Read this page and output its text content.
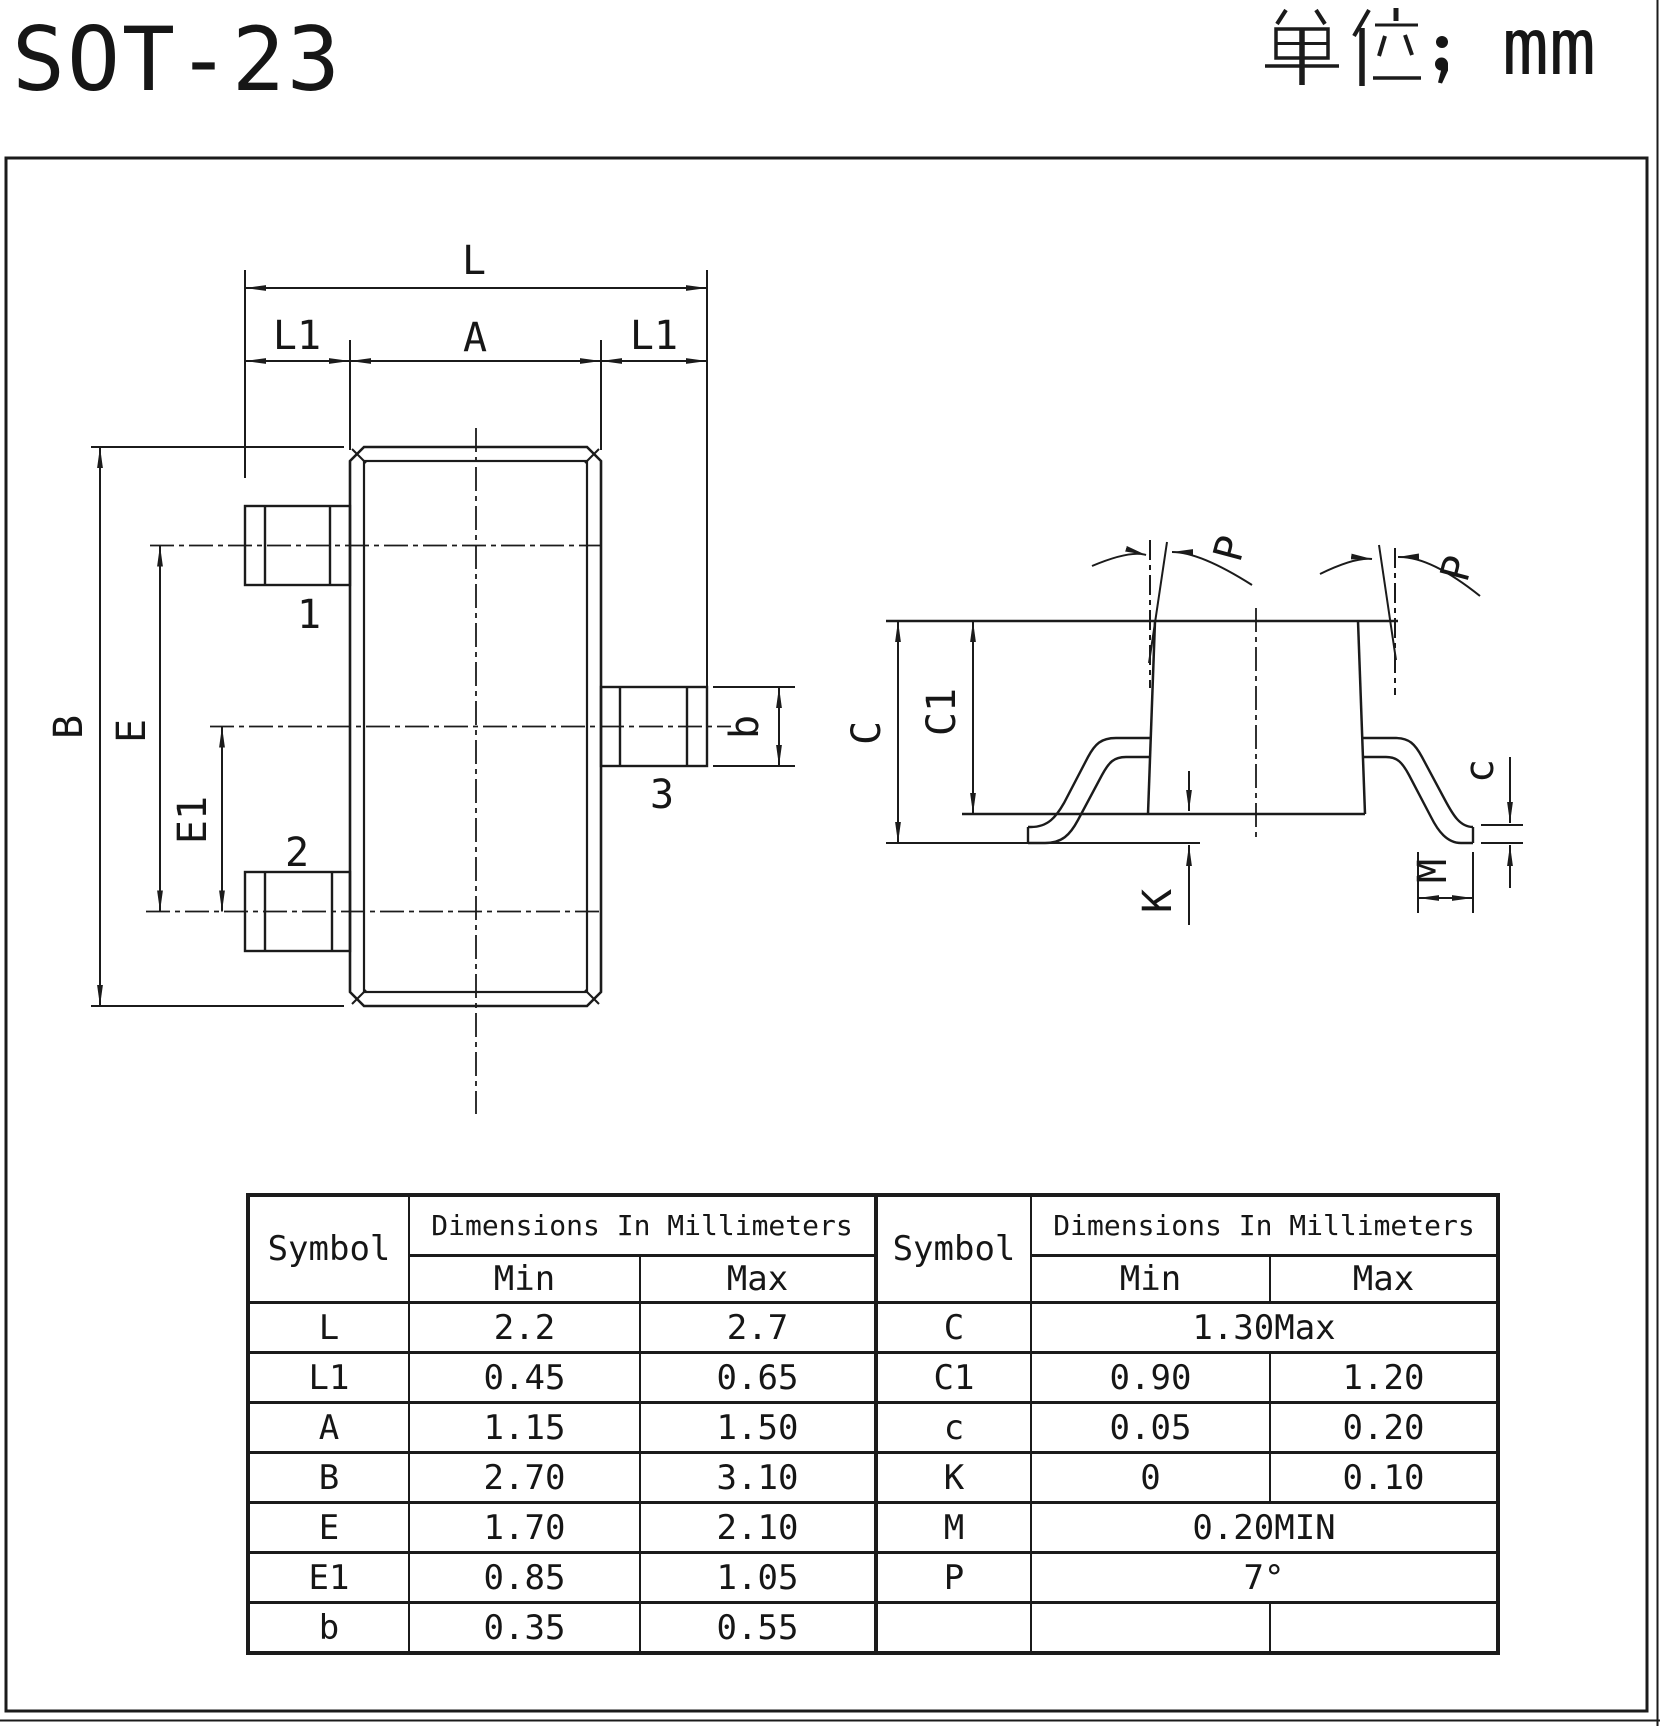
SOT-23	mm
1
2
3
L
L1	A	L1
B E
E1
b C C1
K
M
c
P
P
Symbol	Dimensions In Millimeters		Symbol	Dimensions In Millimeters	
	Min	Max		Min	Max
L	2.2	2.7	C	1.30Max	
L1	0.45	0.65	C1	0.90	1.20
A	1.15	1.50	c	0.05	0.20
B	2.70	3.10	K	0	0.10
E	1.70	2.10	M	0.20MIN	
E1	0.85	1.05	P	7°	
b	0.35	0.55			
